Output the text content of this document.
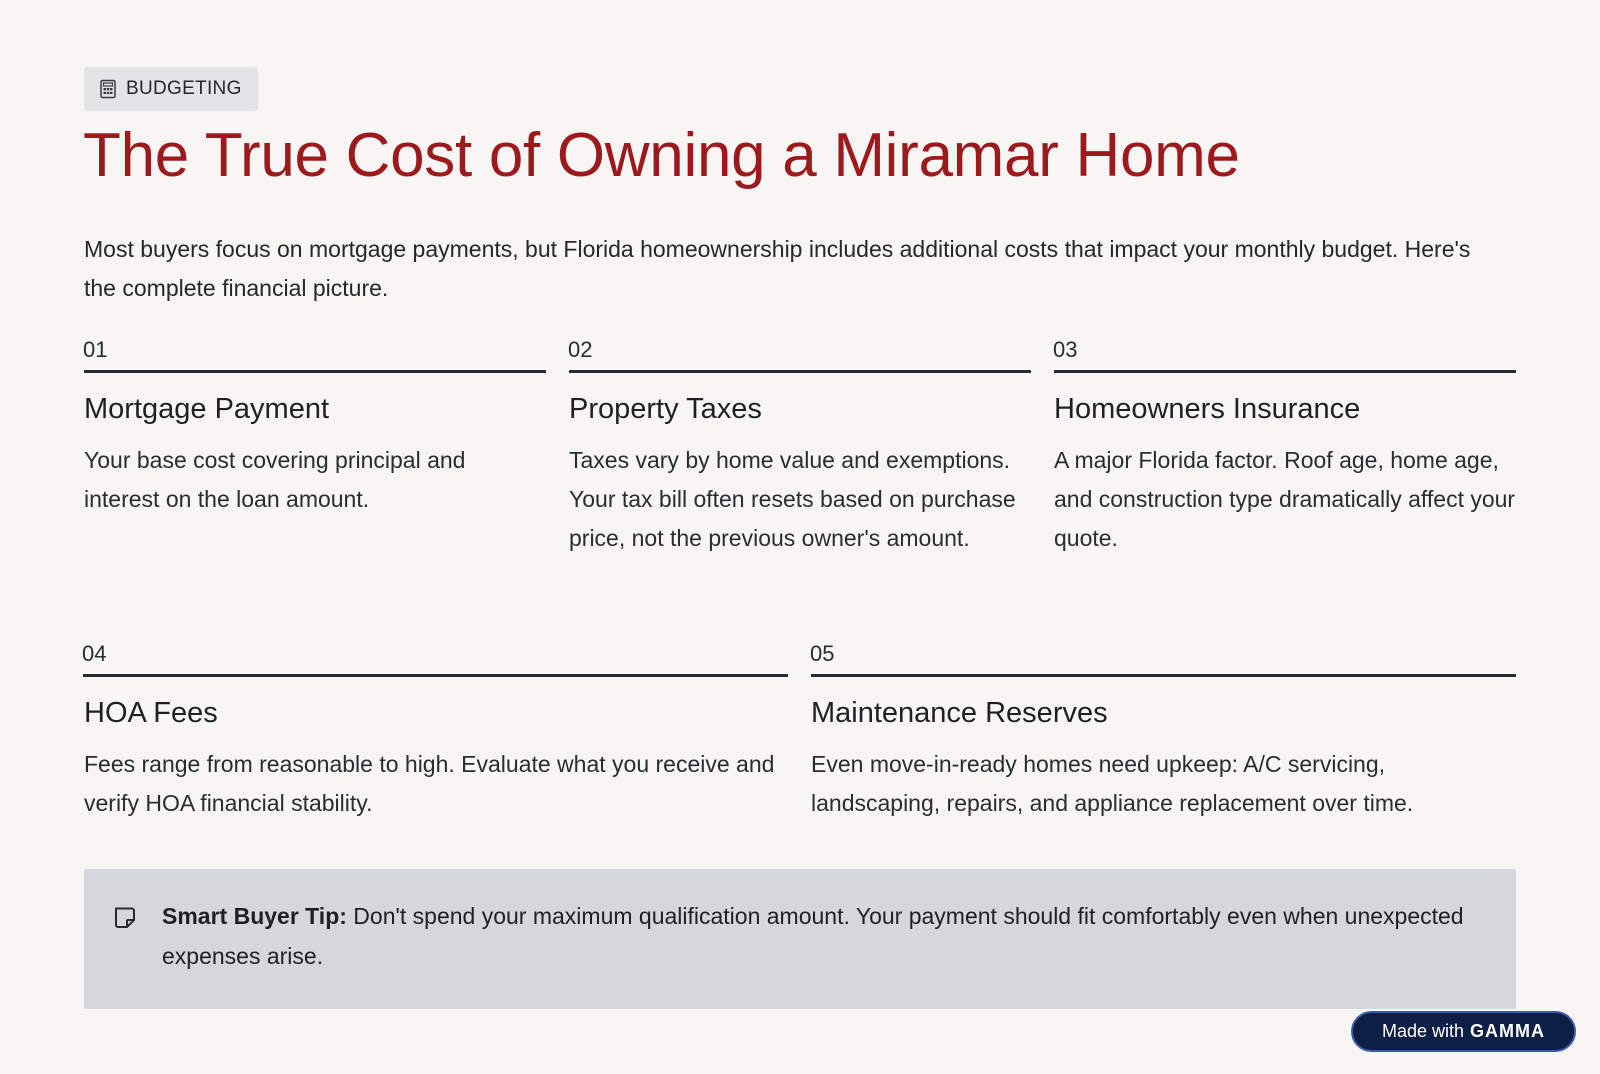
BUDGETING
The True Cost of Owning a Miramar Home

Most buyers focus on mortgage payments, but Florida homeownership includes additional costs that impact your monthly budget. Here's the complete financial picture.

01
Mortgage Payment

Your base cost covering principal and interest on the loan amount.

02
Property Taxes

Taxes vary by home value and exemptions. Your tax bill often resets based on purchase price, not the previous owner's amount.

03
Homeowners Insurance

A major Florida factor. Roof age, home age, and construction type dramatically affect your quote.

04
HOA Fees

Fees range from reasonable to high. Evaluate what you receive and verify HOA financial stability.

05
Maintenance Reserves

Even move-in-ready homes need upkeep: A/C servicing, landscaping, repairs, and appliance replacement over time.

Smart Buyer Tip: Don't spend your maximum qualification amount. Your payment should fit comfortably even when unexpected expenses arise.

Made with GAMMA
